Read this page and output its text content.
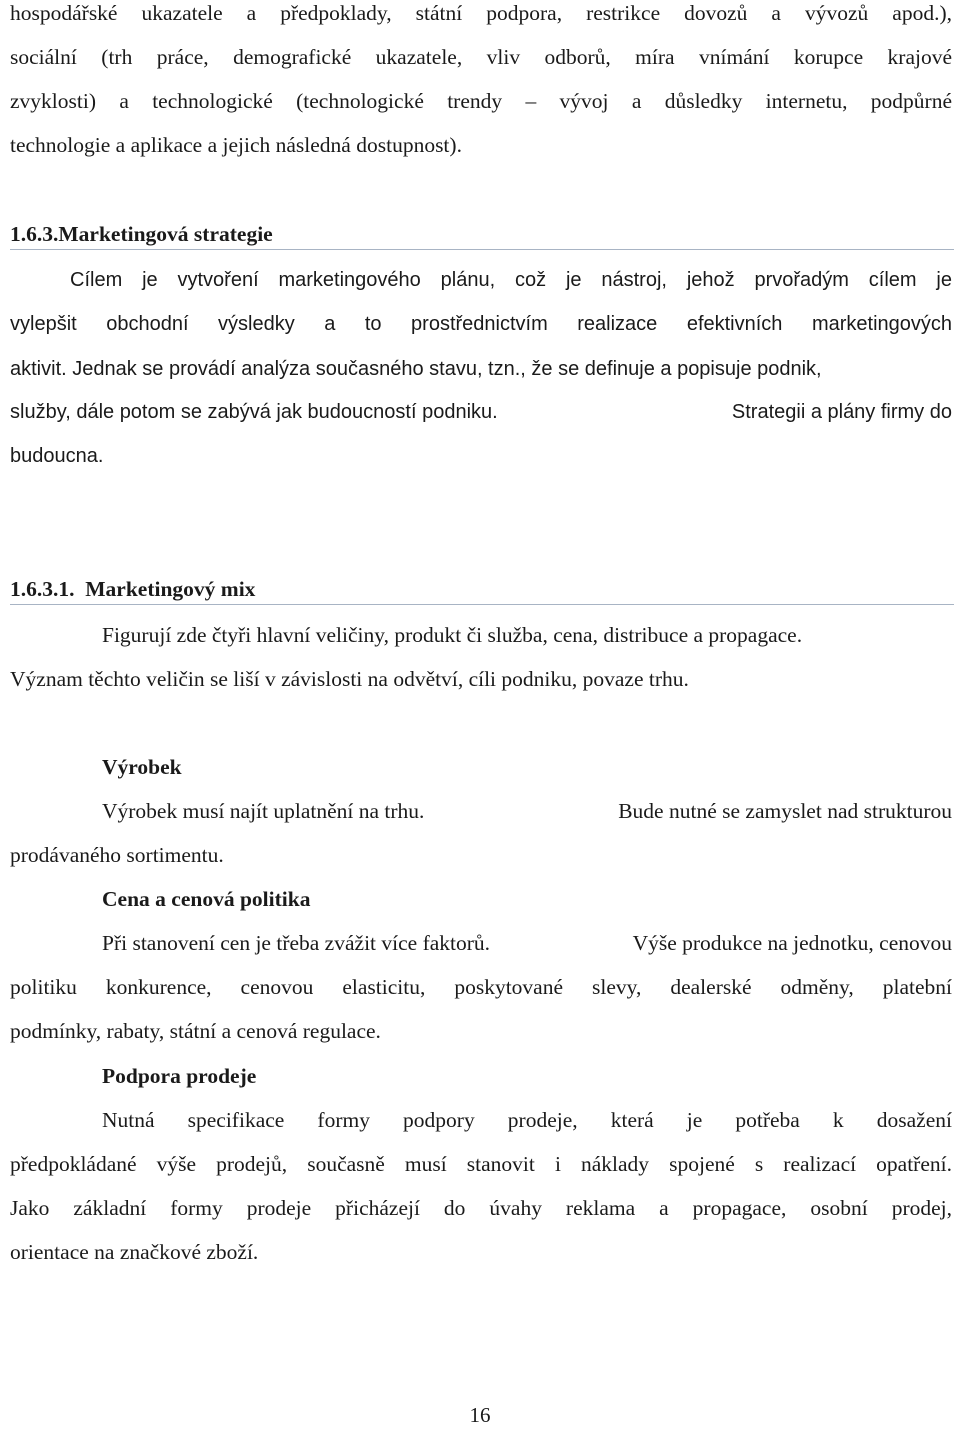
hospodářské ukazatele a předpoklady, státní podpora, restrikce dovozů a vývozů apod.),
sociální (trh práce, demografické ukazatele, vliv odborů, míra vnímání korupce krajové
zvyklosti) a technologické (technologické trendy – vývoj a důsledky internetu, podpůrné
technologie a aplikace a jejich následná dostupnost).
1.6.3.Marketingová strategie
Cílem je vytvoření marketingového plánu, což je nástroj, jehož prvořadým cílem je
vylepšit obchodní výsledky a to prostřednictvím realizace efektivních marketingových
aktivit. Jednak se provádí analýza současného stavu, tzn., že se definuje a popisuje podnik,
služby, dále potom se zabývá jak budoucností podniku.	Strategii a plány firmy do
budoucna.
1.6.3.1. Marketingový mix
Figurují zde čtyři hlavní veličiny, produkt či služba, cena, distribuce a propagace.
Význam těchto veličin se liší v závislosti na odvětví, cíli podniku, povaze trhu.
Výrobek
Výrobek musí najít uplatnění na trhu.	Bude nutné se zamyslet nad strukturou
prodávaného sortimentu.
Cena a cenová politika
Při stanovení cen je třeba zvážit více faktorů.	Výše produkce na jednotku, cenovou
politiku konkurence, cenovou elasticitu, poskytované slevy, dealerské odměny, platební
podmínky, rabaty, státní a cenová regulace.
Podpora prodeje
Nutná specifikace formy podpory prodeje, která je potřeba k dosažení
předpokládané výše prodejů, současně musí stanovit i náklady spojené s realizací opatření.
Jako základní formy prodeje přicházejí do úvahy reklama a propagace, osobní prodej,
orientace na značkové zboží.
16
